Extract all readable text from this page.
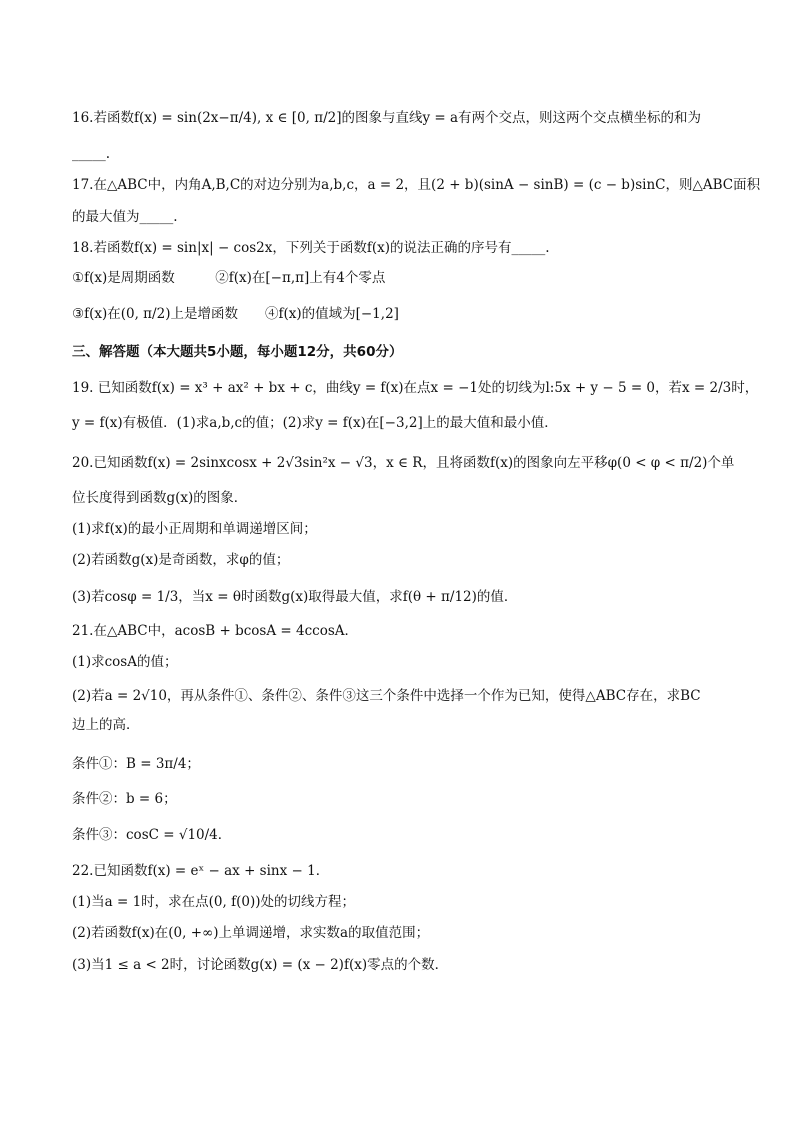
16.若函数f(x) = sin(2x−π/4), x ∈ [0, π/2]的图象与直线y = a有两个交点，则这两个交点横坐标的和为
_____.
17.在△ABC中，内角A,B,C的对边分别为a,b,c，a = 2，且(2 + b)(sinA − sinB) = (c − b)sinC，则△ABC面积
的最大值为_____.
18.若函数f(x) = sin|x| − cos2x，下列关于函数f(x)的说法正确的序号有_____.
①f(x)是周期函数　　　②f(x)在[−π,π]上有4个零点
③f(x)在(0, π/2)上是增函数　　④f(x)的值域为[−1,2]
三、解答题（本大题共5小题，每小题12分，共60分）
19. 已知函数f(x) = x³ + ax² + bx + c，曲线y = f(x)在点x = −1处的切线为l:5x + y − 5 = 0，若x = 2/3时，
y = f(x)有极值．(1)求a,b,c的值；(2)求y = f(x)在[−3,2]上的最大值和最小值．
20.已知函数f(x) = 2sinxcosx + 2√3sin²x − √3，x ∈ R，且将函数f(x)的图象向左平移φ(0 < φ < π/2)个单
位长度得到函数g(x)的图象．
(1)求f(x)的最小正周期和单调递增区间；
(2)若函数g(x)是奇函数，求φ的值；
(3)若cosφ = 1/3，当x = θ时函数g(x)取得最大值，求f(θ + π/12)的值．
21.在△ABC中，acosB + bcosA = 4ccosA．
(1)求cosA的值；
(2)若a = 2√10，再从条件①、条件②、条件③这三个条件中选择一个作为已知，使得△ABC存在，求BC
边上的高．
条件①：B = 3π/4；
条件②：b = 6；
条件③：cosC = √10/4．
22.已知函数f(x) = eˣ − ax + sinx − 1．
(1)当a = 1时，求在点(0, f(0))处的切线方程；
(2)若函数f(x)在(0, +∞)上单调递增，求实数a的取值范围；
(3)当1 ≤ a < 2时，讨论函数g(x) = (x − 2)f(x)零点的个数．
